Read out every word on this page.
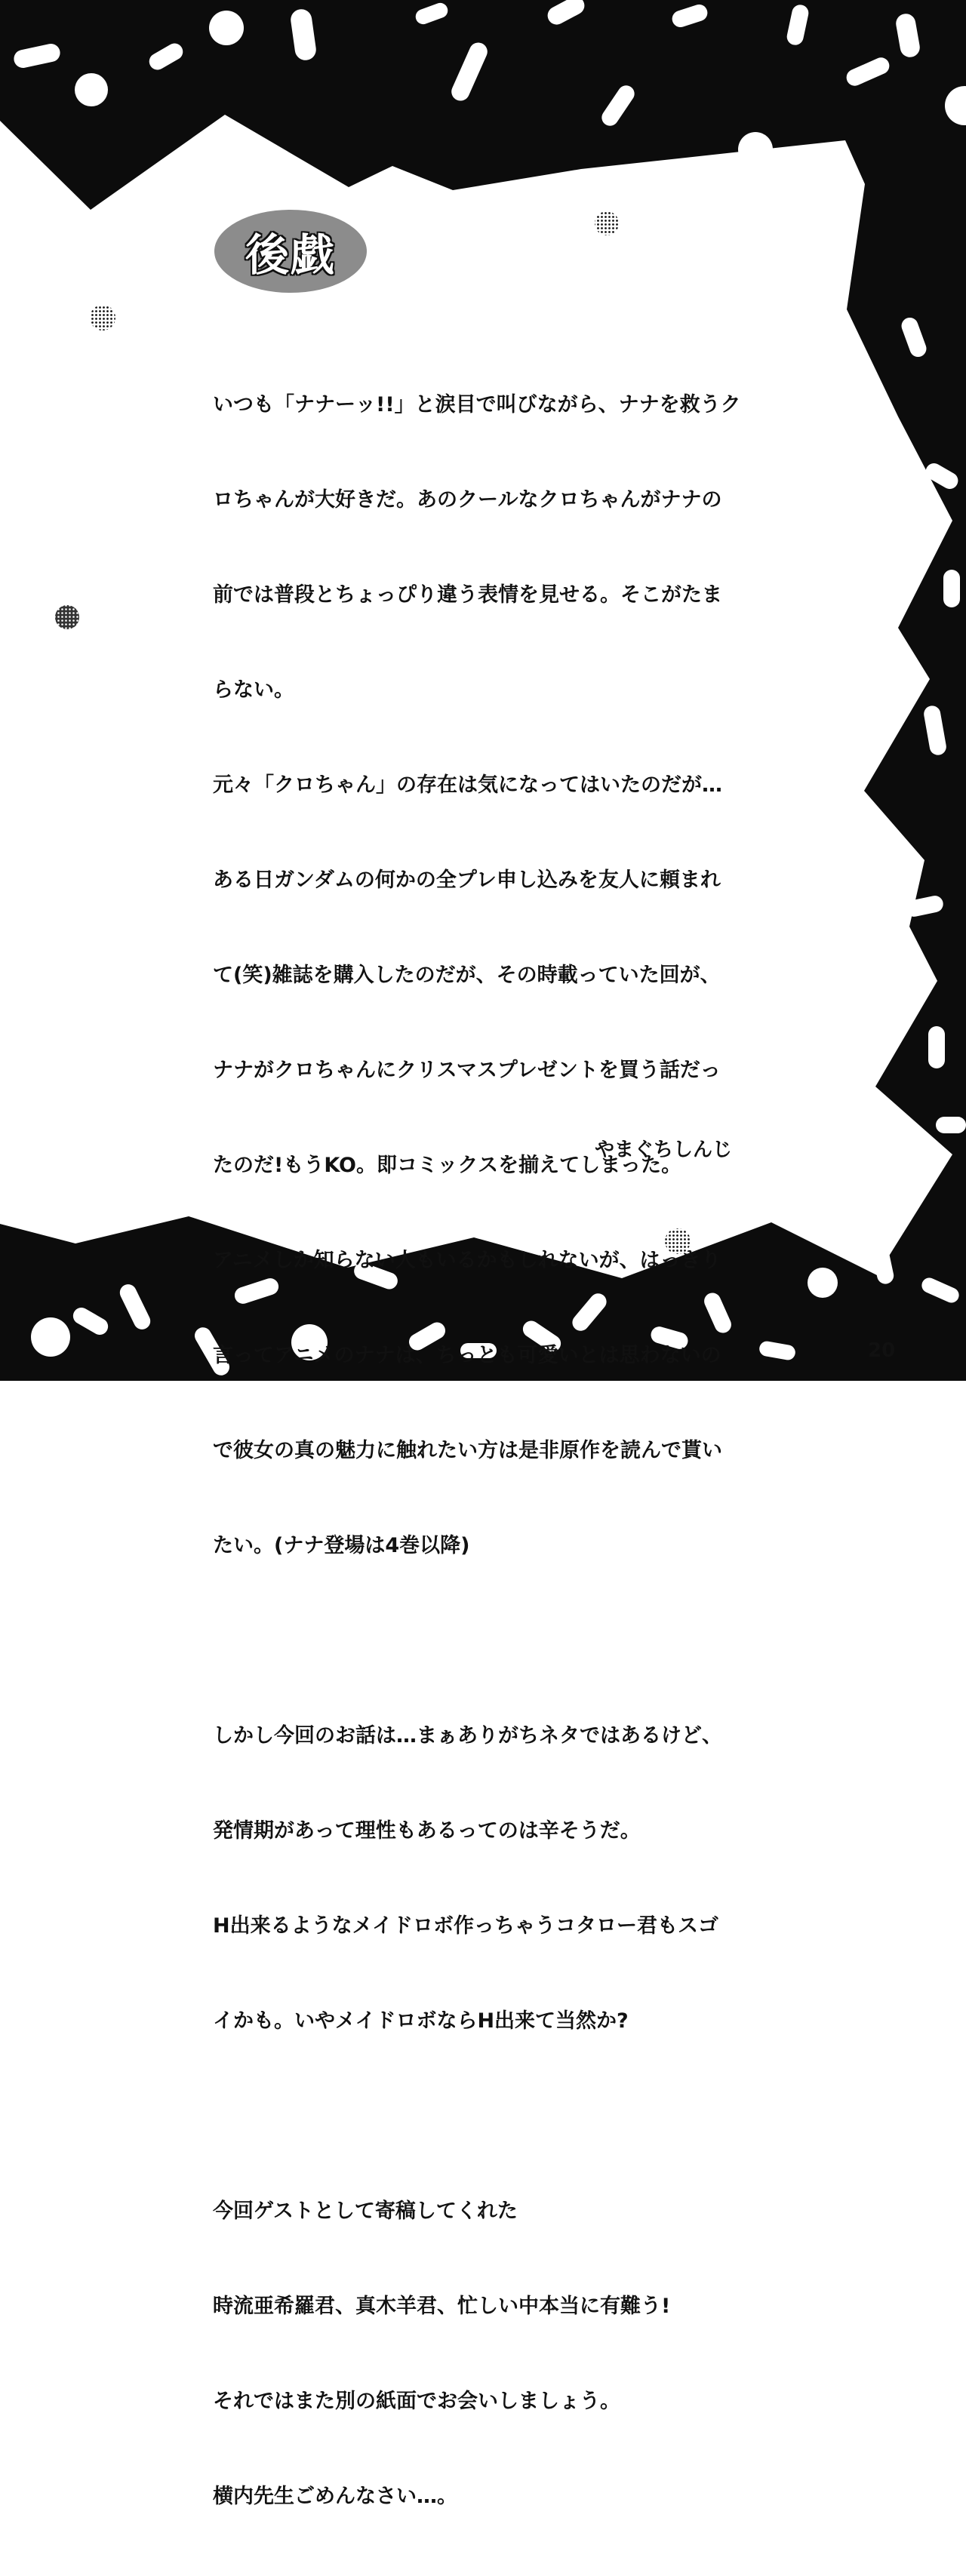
後戯

いつも「ナナーッ!!」と涙目で叫びながら、ナナを救うク

ロちゃんが大好きだ。あのクールなクロちゃんがナナの

前では普段とちょっぴり違う表情を見せる。そこがたま

らない。

元々「クロちゃん」の存在は気になってはいたのだが…

ある日ガンダムの何かの全プレ申し込みを友人に頼まれ

て(笑)雑誌を購入したのだが、その時載っていた回が、

ナナがクロちゃんにクリスマスプレゼントを買う話だっ

たのだ!もうKO。即コミックスを揃えてしまった。

アニメしか知らない人もいるかもしれないが、はっきり

言ってアニメのナナは、ちっとも可愛いとは思わないの

で彼女の真の魅力に触れたい方は是非原作を読んで貰い

たい。(ナナ登場は4巻以降)

しかし今回のお話は…まぁありがちネタではあるけど、

発情期があって理性もあるってのは辛そうだ。

H出来るようなメイドロボ作っちゃうコタロー君もスゴ

イかも。いやメイドロボならH出来て当然か?

今回ゲストとして寄稿してくれた

時流亜希羅君、真木羊君、忙しい中本当に有難う!

それではまた別の紙面でお会いしましょう。

横内先生ごめんなさい…。

やまぐちしんじ
20
